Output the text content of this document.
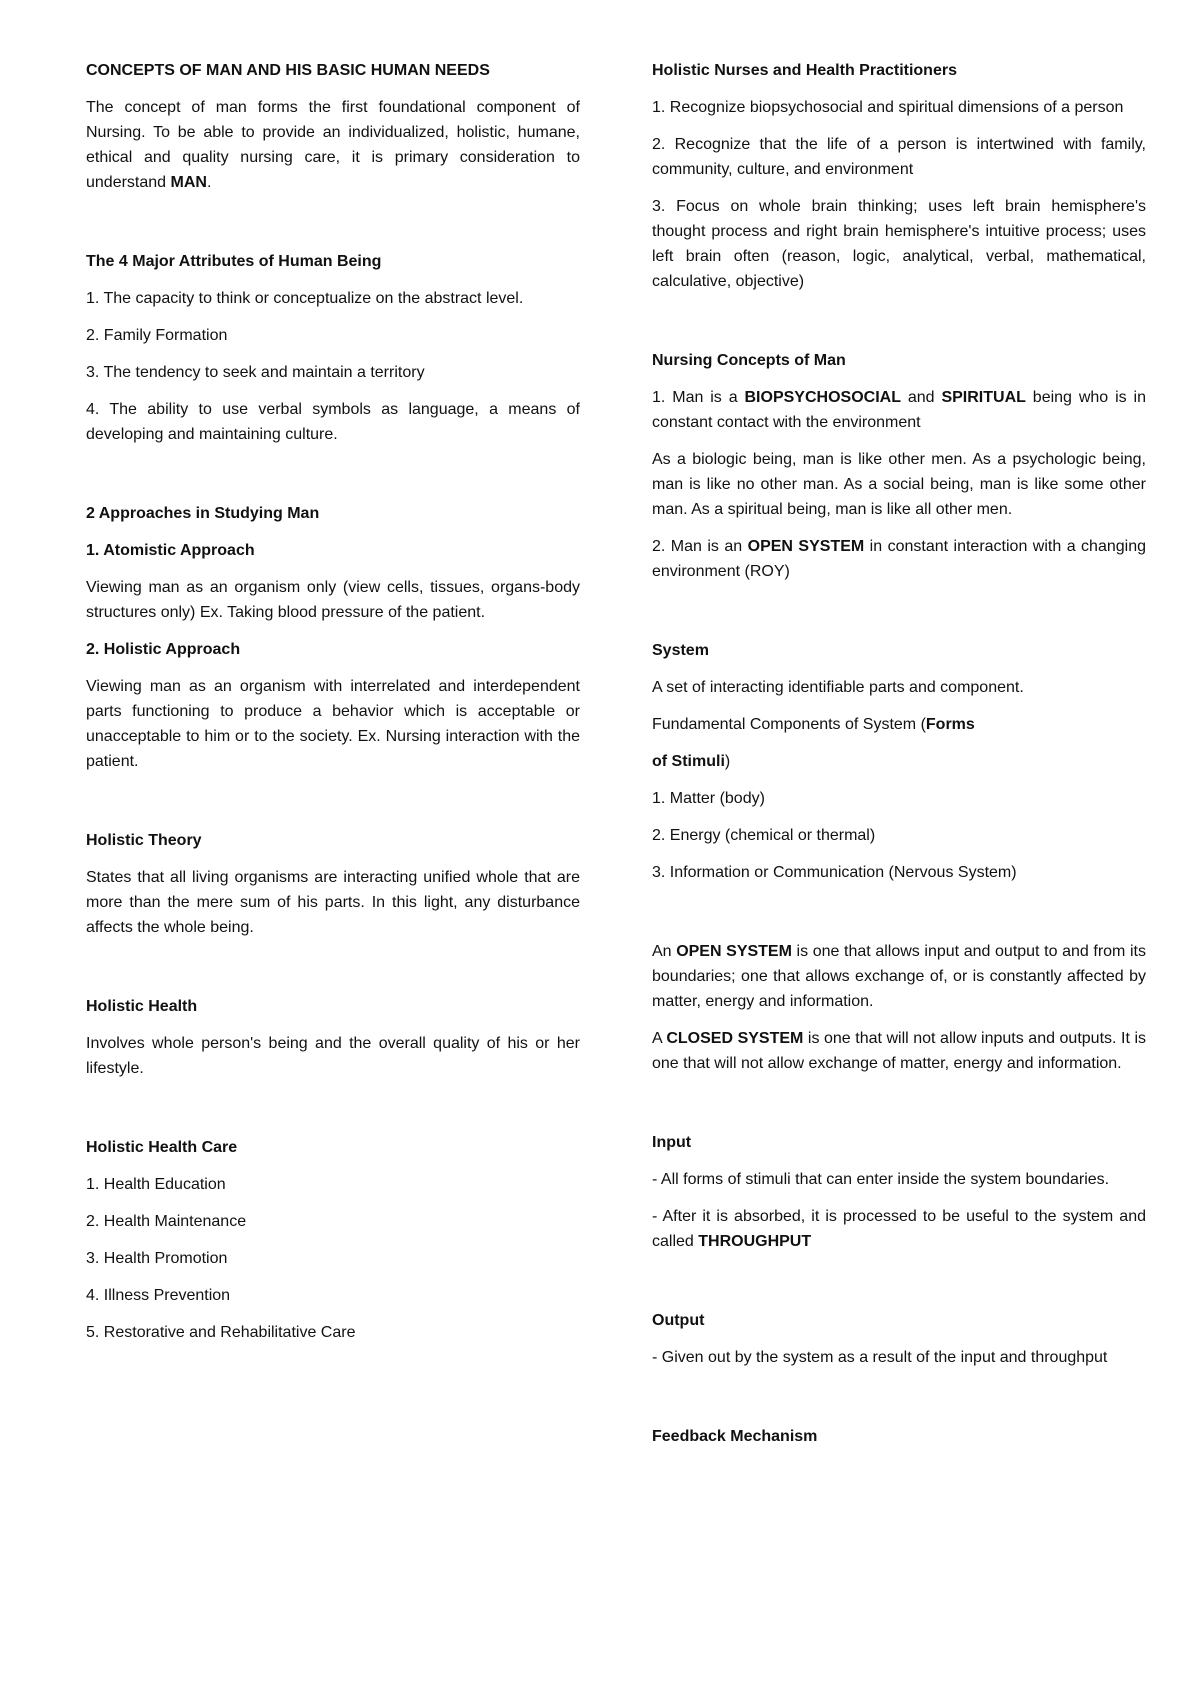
CONCEPTS OF MAN AND HIS BASIC HUMAN NEEDS

The concept of man forms the first foundational component of Nursing. To be able to provide an individualized, holistic, humane, ethical and quality nursing care, it is primary consideration to understand MAN.

The 4 Major Attributes of Human Being

1. The capacity to think or conceptualize on the abstract level.

2. Family Formation

3. The tendency to seek and maintain a territory

4. The ability to use verbal symbols as language, a means of developing and maintaining culture.

2 Approaches in Studying Man
1. Atomistic Approach

Viewing man as an organism only (view cells, tissues, organs-body structures only) Ex. Taking blood pressure of the patient.

2. Holistic Approach

Viewing man as an organism with interrelated and interdependent parts functioning to produce a behavior which is acceptable or unacceptable to him or to the society. Ex. Nursing interaction with the patient.

Holistic Theory

States that all living organisms are interacting unified whole that are more than the mere sum of his parts. In this light, any disturbance affects the whole being.

Holistic Health

Involves whole person's being and the overall quality of his or her lifestyle.

Holistic Health Care

1. Health Education

2. Health Maintenance

3. Health Promotion

4. Illness Prevention

5. Restorative and Rehabilitative Care

Holistic Nurses and Health Practitioners

1. Recognize biopsychosocial and spiritual dimensions of a person

2. Recognize that the life of a person is intertwined with family, community, culture, and environment

3. Focus on whole brain thinking; uses left brain hemisphere's thought process and right brain hemisphere's intuitive process; uses left brain often (reason, logic, analytical, verbal, mathematical, calculative, objective)

Nursing Concepts of Man

1. Man is a BIOPSYCHOSOCIAL and SPIRITUAL being who is in constant contact with the environment

As a biologic being, man is like other men. As a psychologic being, man is like no other man. As a social being, man is like some other man. As a spiritual being, man is like all other men.

2. Man is an OPEN SYSTEM in constant interaction with a changing environment (ROY)

System

A set of interacting identifiable parts and component.

Fundamental Components of System (Forms

of Stimuli)

1. Matter (body)

2. Energy (chemical or thermal)

3. Information or Communication (Nervous System)

An OPEN SYSTEM is one that allows input and output to and from its boundaries; one that allows exchange of, or is constantly affected by matter, energy and information.

A CLOSED SYSTEM is one that will not allow inputs and outputs. It is one that will not allow exchange of matter, energy and information.

Input

- All forms of stimuli that can enter inside the system boundaries.

- After it is absorbed, it is processed to be useful to the system and called THROUGHPUT

Output

- Given out by the system as a result of the input and throughput

Feedback Mechanism
